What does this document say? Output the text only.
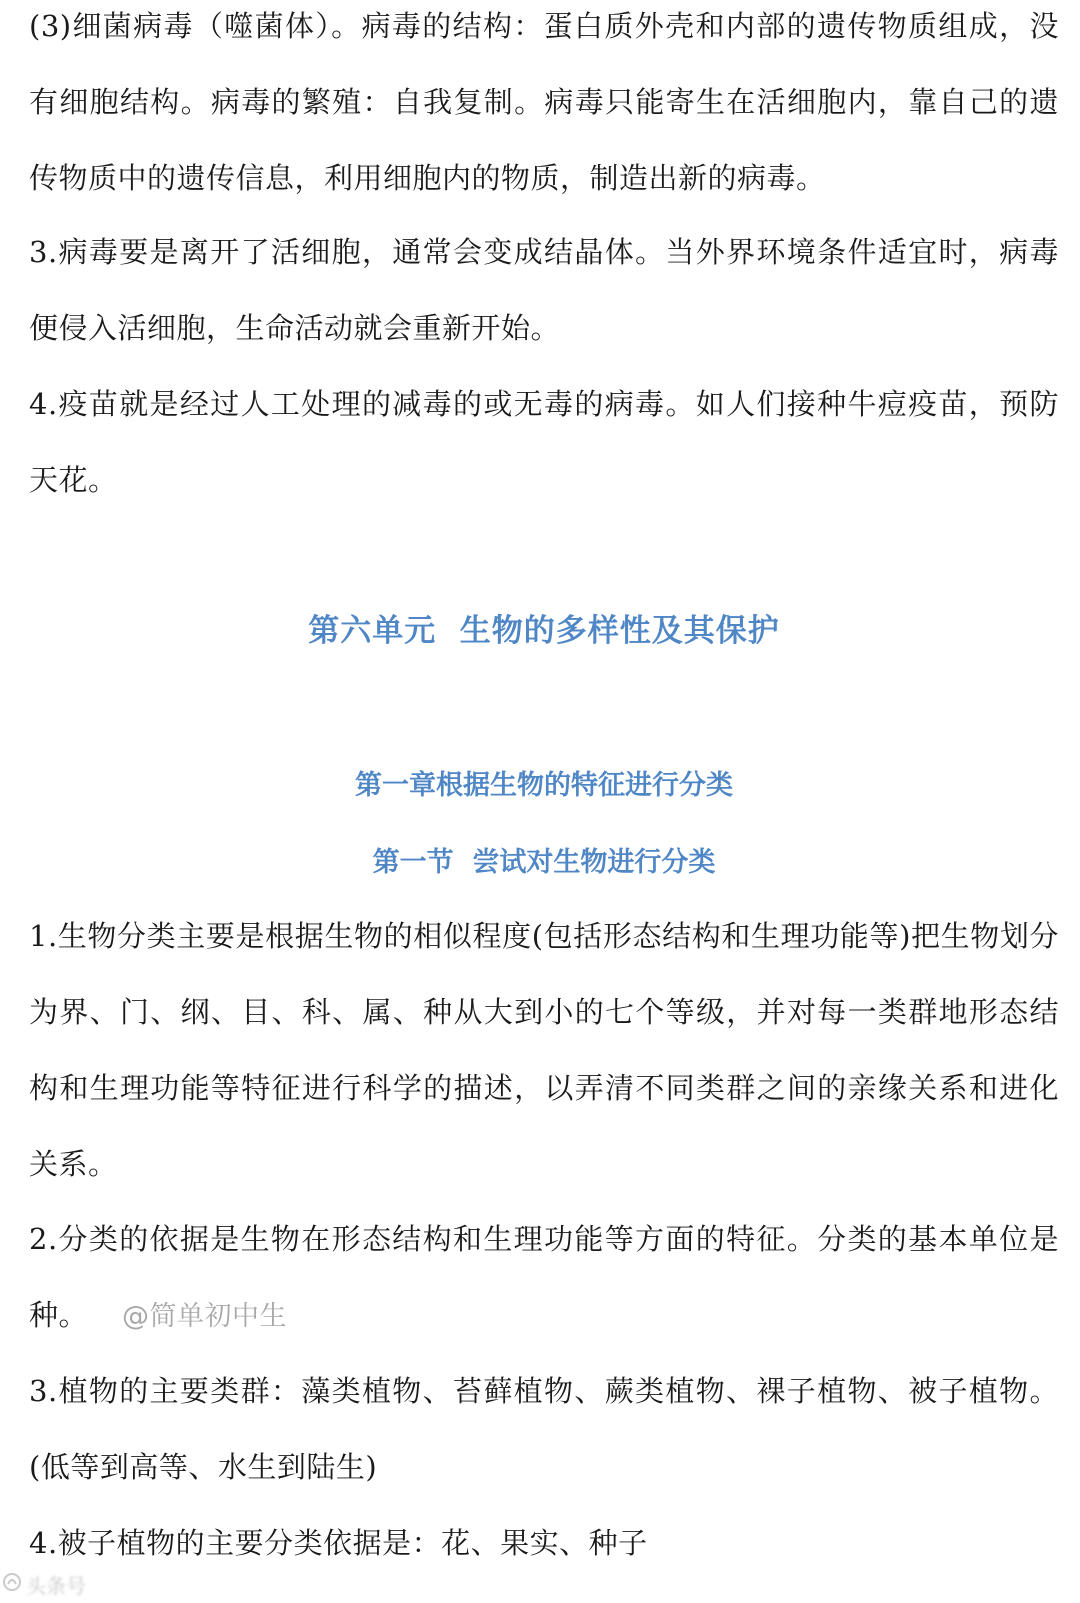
(3)细菌病毒（噬菌体）。病毒的结构：蛋白质外壳和内部的遗传物质组成，没有细胞结构。病毒的繁殖：自我复制。病毒只能寄生在活细胞内，靠自己的遗传物质中的遗传信息，利用细胞内的物质，制造出新的病毒。

3.病毒要是离开了活细胞，通常会变成结晶体。当外界环境条件适宜时，病毒便侵入活细胞，生命活动就会重新开始。

4.疫苗就是经过人工处理的减毒的或无毒的病毒。如人们接种牛痘疫苗，预防天花。

第六单元  生物的多样性及其保护
第一章根据生物的特征进行分类
第一节  尝试对生物进行分类

1.生物分类主要是根据生物的相似程度(包括形态结构和生理功能等)把生物划分为界、门、纲、目、科、属、种从大到小的七个等级，并对每一类群地形态结构和生理功能等特征进行科学的描述，以弄清不同类群之间的亲缘关系和进化关系。

2.分类的依据是生物在形态结构和生理功能等方面的特征。分类的基本单位是种。 @简单初中生

3.植物的主要类群：藻类植物、苔藓植物、蕨类植物、裸子植物、被子植物。(低等到高等、水生到陆生)

4.被子植物的主要分类依据是：花、果实、种子

头条号
